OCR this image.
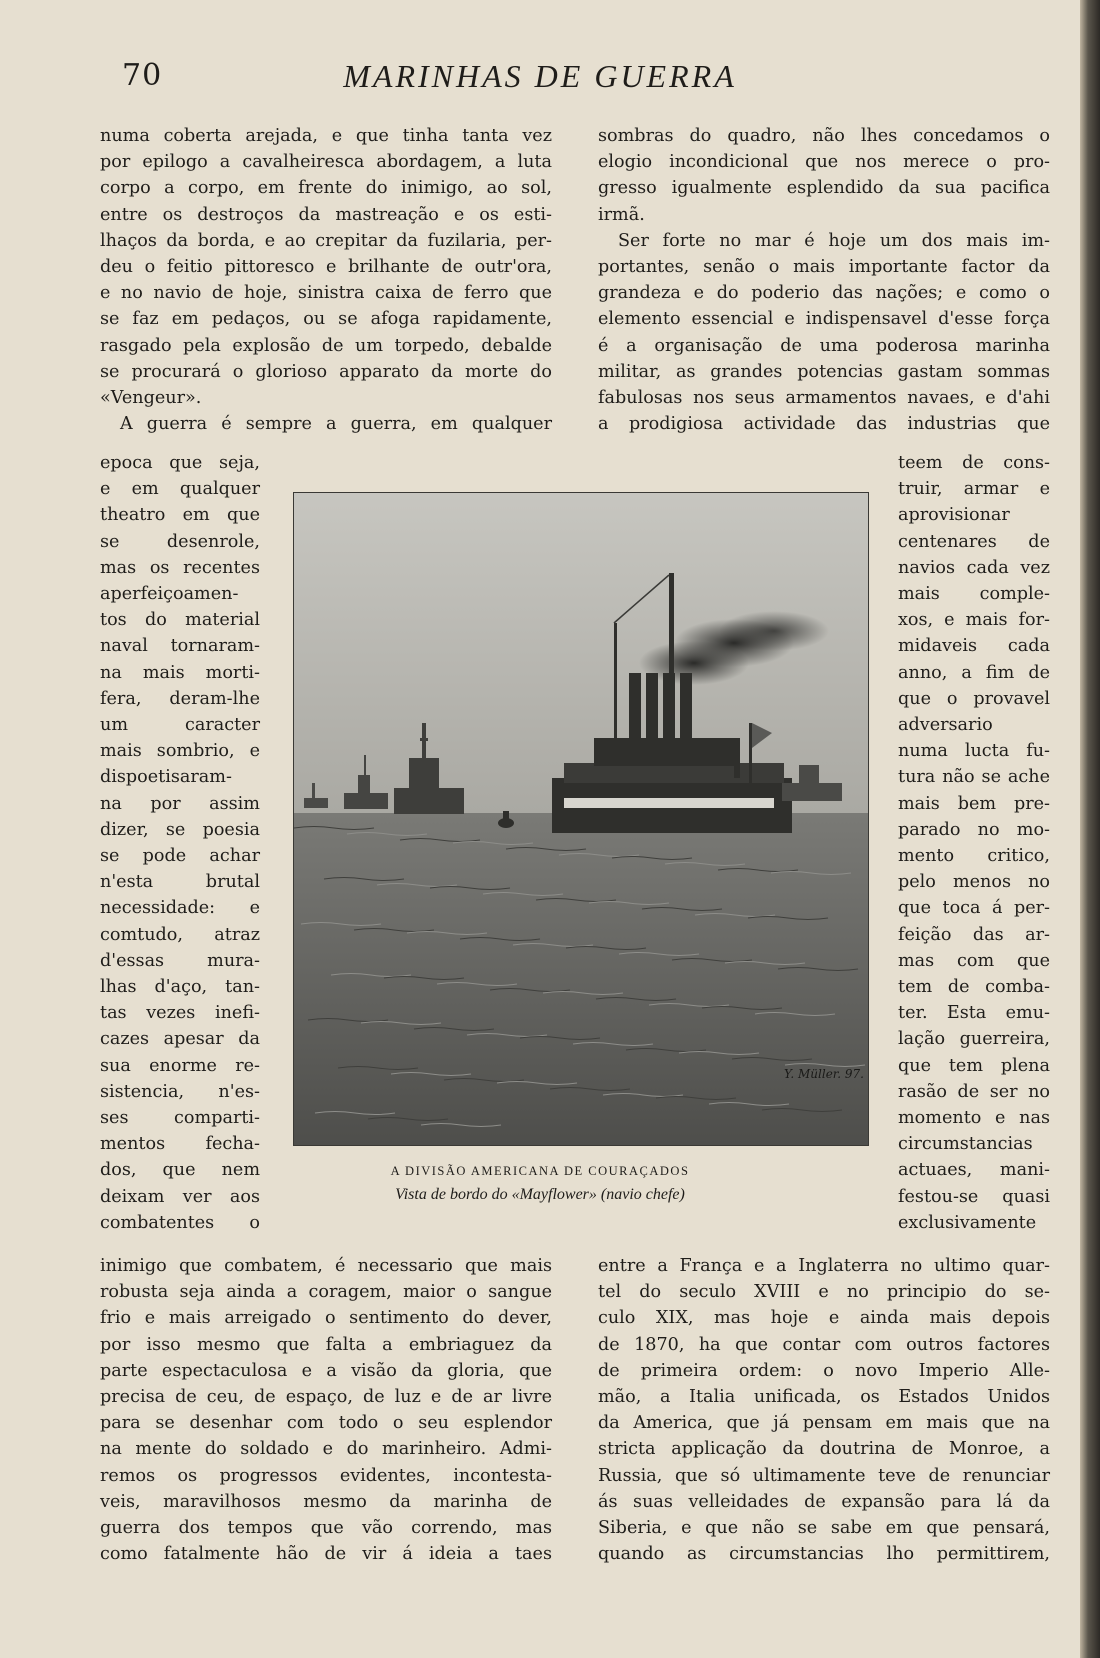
70	MARINHAS DE GUERRA
numa coberta arejada, e que tinha tanta vez
por epilogo a cavalheiresca abordagem, a luta
corpo a corpo, em frente do inimigo, ao sol,
entre os destroços da mastreação e os esti-
lhaços da borda, e ao crepitar da fuzilaria, per-
deu o feitio pittoresco e brilhante de outr'ora,
e no navio de hoje, sinistra caixa de ferro que
se faz em pedaços, ou se afoga rapidamente,
rasgado pela explosão de um torpedo, debalde
se procurará o glorioso apparato da morte do
«Vengeur».
A guerra é sempre a guerra, em qualquer
epoca que seja,
e em qualquer
theatro em que
se desenrole,
mas os recentes
aperfeiçoamen-
tos do material
naval tornaram-
na mais morti-
fera, deram-lhe
um caracter
mais sombrio, e
dispoetisaram-
na por assim
dizer, se poesia
se pode achar
n'esta brutal
necessidade: e
comtudo, atraz
d'essas mura-
lhas d'aço, tan-
tas vezes inefi-
cazes apesar da
sua enorme re-
sistencia, n'es-
ses comparti-
mentos fecha-
dos, que nem
deixam ver aos
combatentes o
inimigo que combatem, é necessario que mais
robusta seja ainda a coragem, maior o sangue
frio e mais arreigado o sentimento do dever,
por isso mesmo que falta a embriaguez da
parte espectaculosa e a visão da gloria, que
precisa de ceu, de espaço, de luz e de ar livre
para se desenhar com todo o seu esplendor
na mente do soldado e do marinheiro. Admi-
remos os progressos evidentes, incontesta-
veis, maravilhosos mesmo da marinha de
guerra dos tempos que vão correndo, mas
como fatalmente hão de vir á ideia a taes
sombras do quadro, não lhes concedamos o
elogio incondicional que nos merece o pro-
gresso igualmente esplendido da sua pacifica
irmã.
Ser forte no mar é hoje um dos mais im-
portantes, senão o mais importante factor da
grandeza e do poderio das nações; e como o
elemento essencial e indispensavel d'esse força
é a organisação de uma poderosa marinha
militar, as grandes potencias gastam sommas
fabulosas nos seus armamentos navaes, e d'ahi
a prodigiosa actividade das industrias que
teem de cons-
truir, armar e
aprovisionar
centenares de
navios cada vez
mais comple-
xos, e mais for-
midaveis cada
anno, a fim de
que o provavel
adversario
numa lucta fu-
tura não se ache
mais bem pre-
parado no mo-
mento critico,
pelo menos no
que toca á per-
feição das ar-
mas com que
tem de comba-
ter. Esta emu-
lação guerreira,
que tem plena
rasão de ser no
momento e nas
circumstancias
actuaes, mani-
festou-se quasi
exclusivamente
entre a França e a Inglaterra no ultimo quar-
tel do seculo XVIII e no principio do se-
culo XIX, mas hoje e ainda mais depois
de 1870, ha que contar com outros factores
de primeira ordem: o novo Imperio Alle-
mão, a Italia unificada, os Estados Unidos
da America, que já pensam em mais que na
stricta applicação da doutrina de Monroe, a
Russia, que só ultimamente teve de renunciar
ás suas velleidades de expansão para lá da
Siberia, e que não se sabe em que pensará,
quando as circumstancias lho permittirem,
Y. Müller. 97.
A DIVISÃO AMERICANA DE COURAÇADOS
Vista de bordo do «Mayflower» (navio chefe)
